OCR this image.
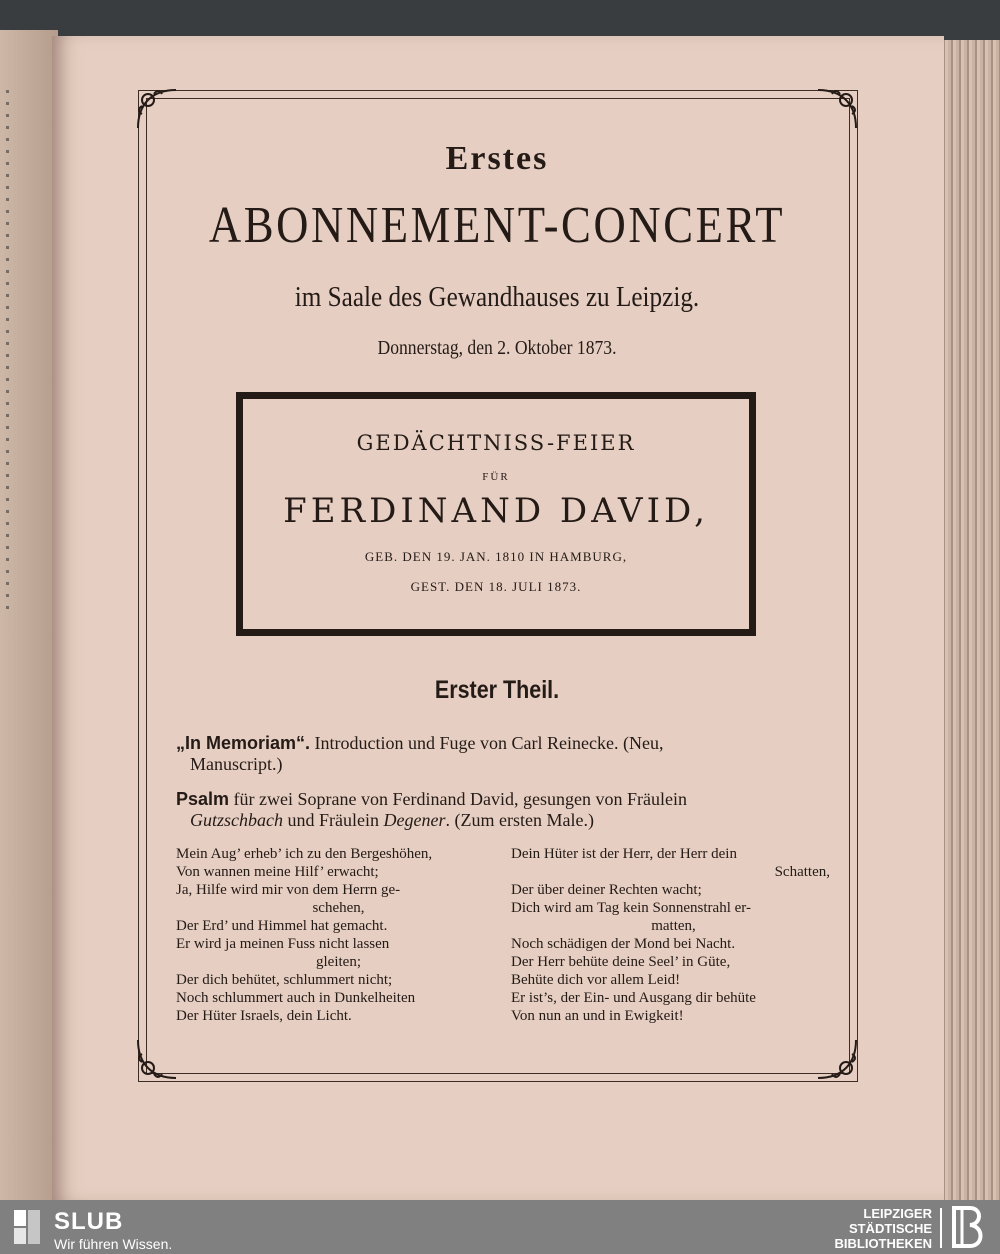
Erstes
ABONNEMENT-CONCERT
im Saale des Gewandhauses zu Leipzig.
Donnerstag, den 2. Oktober 1873.
GEDÄCHTNISS-FEIER
FÜR
FERDINAND DAVID,
GEB. DEN 19. JAN. 1810 IN HAMBURG,
GEST. DEN 18. JULI 1873.
Erster Theil.
„In Memoriam“. Introduction und Fuge von Carl Reinecke. (Neu,
Manuscript.)
Psalm für zwei Soprane von Ferdinand David, gesungen von Fräulein
Gutzschbach und Fräulein Degener. (Zum ersten Male.)
Mein Aug’ erheb’ ich zu den Bergeshöhen,
Von wannen meine Hilf’ erwacht;
Ja, Hilfe wird mir von dem Herrn ge-
schehen,
Der Erd’ und Himmel hat gemacht.
Er wird ja meinen Fuss nicht lassen
gleiten;
Der dich behütet, schlummert nicht;
Noch schlummert auch in Dunkelheiten
Der Hüter Israels, dein Licht.
Dein Hüter ist der Herr, der Herr dein
Schatten,
Der über deiner Rechten wacht;
Dich wird am Tag kein Sonnenstrahl er-
matten,
Noch schädigen der Mond bei Nacht.
Der Herr behüte deine Seel’ in Güte,
Behüte dich vor allem Leid!
Er ist’s, der Ein- und Ausgang dir behüte
Von nun an und in Ewigkeit!
SLUB
Wir führen Wissen.
LEIPZIGER
STÄDTISCHE
BIBLIOTHEKEN
